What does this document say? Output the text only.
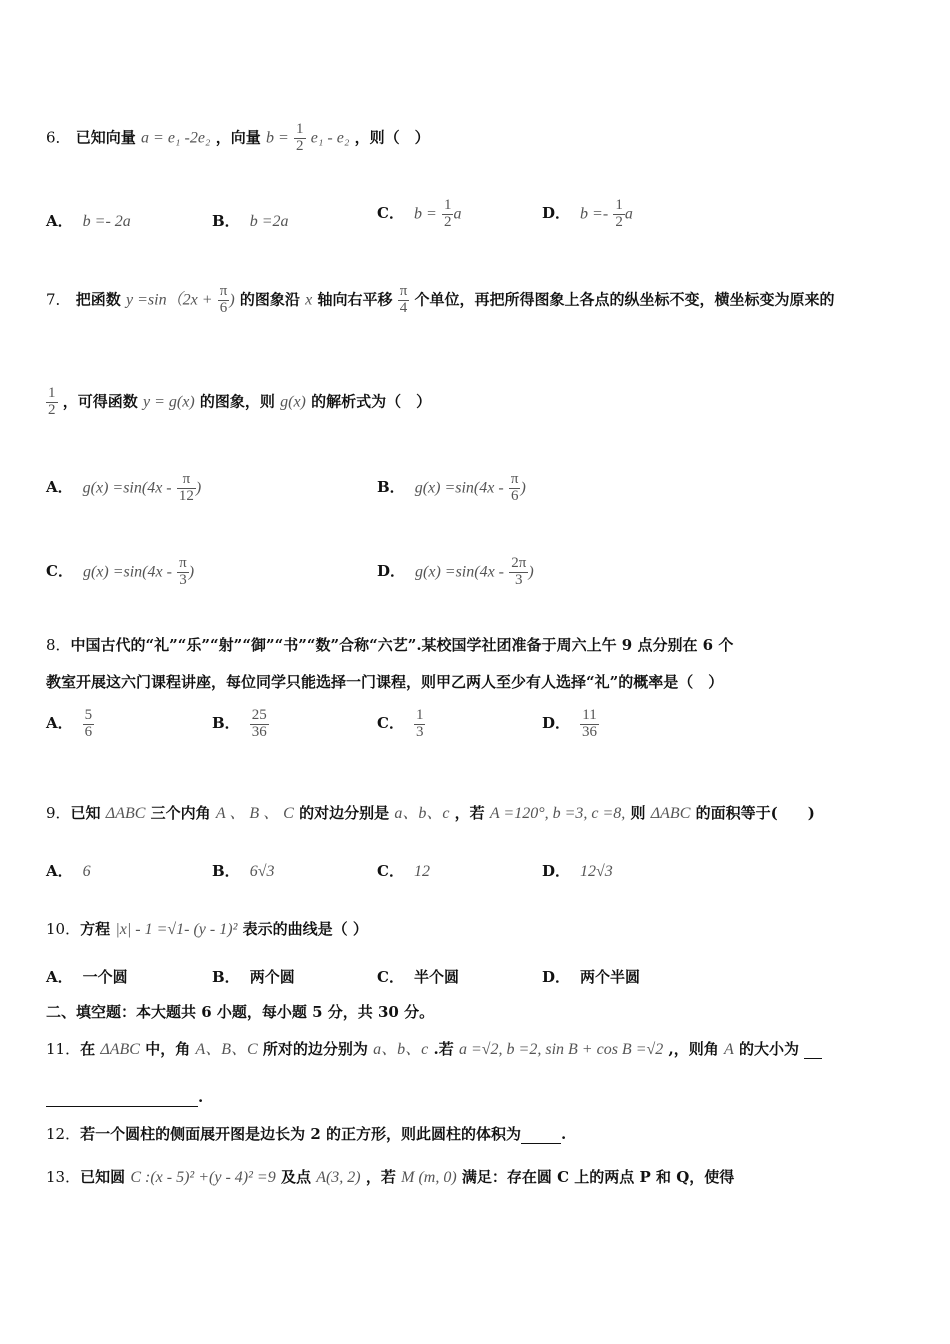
6． 已知向量 a = e₁ -2e₂ ，向量 $b = \frac{1}{2} e_1 - e_2$ ，则（　）
A． b =- 2a	B． b =2a	C． $b = \frac{1}{2}$ a	D． $b =- \frac{1}{2}$ a
7． 把函数 $y =\sin(2x + \frac{\pi}{6}$ ) 的图象沿 x 轴向右平移 $\frac{\pi}{4}$ 个单位，再把所得图象上各点的纵坐标不变，横坐标变为原来的
$\frac{1}{2}$ ，可得函数 y = g(x) 的图象，则 g(x) 的解析式为（　）
A． $g(x) =\sin(4x - \frac{\pi}{12}$ )	B． $g(x) =\sin(4x - \frac{\pi}{6}$ )
C． $g(x) =\sin(4x - \frac{\pi}{3}$ )	D． $g(x) =\sin(4x - \frac{2\pi}{3}$ )
8．中国古代的“礼”“乐”“射”“御”“书”“数”合称“六艺”.某校国学社团准备于周六上午 9 点分别在 6 个
教室开展这六门课程讲座，每位同学只能选择一门课程，则甲乙两人至少有人选择“礼”的概率是（　）
A． $\frac{5}{6}$	B． $\frac{25}{36}$	C． $\frac{1}{3}$	D． $\frac{11}{36}$
9．已知 ΔABC 三个内角 A 、 B 、 C 的对边分别是 a、b、c ，若 A =120°, b =3, c =8, 则 ΔABC 的面积等于(　　)
A． 6	B． 6√3	C． 12	D． 12√3
10．方程 |x| - 1 =√1- (y - 1)² 表示的曲线是（ ）
A． 一个圆	B． 两个圆	C． 半个圆	D． 两个半圆
二、填空题：本大题共 6 小题，每小题 5 分，共 30 分。
11．在 ΔABC 中，角 A、B、C 所对的边分别为 a、b、c .若 a =√2, b =2, sin B + cos B =√2 ,，则角 A 的大小为
.
12．若一个圆柱的侧面展开图是边长为 2 的正方形，则此圆柱的体积为	.
13．已知圆 C :(x - 5)² +(y - 4)² =9 及点 A(3, 2) ，若 M (m, 0) 满足：存在圆 C 上的两点 P 和 Q，使得
